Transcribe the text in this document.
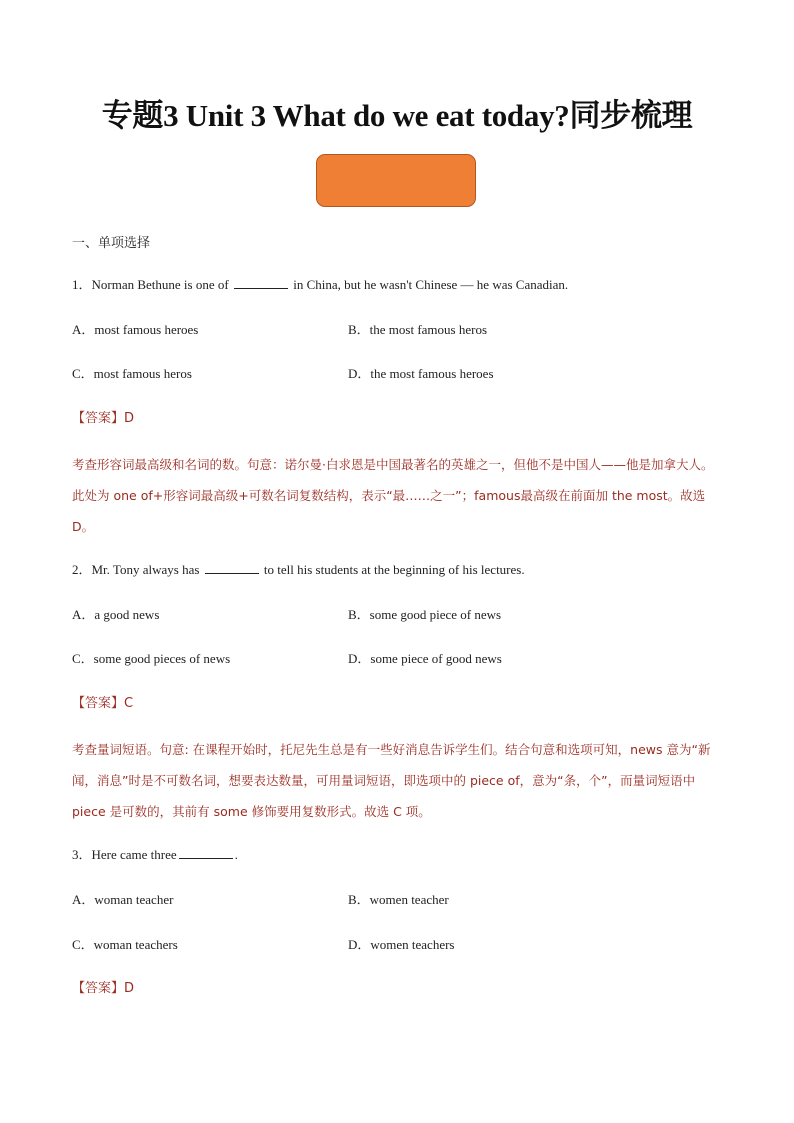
专题3 Unit 3 What do we eat today?同步梳理
一、单项选择
1．Norman Bethune is one of	in China, but he wasn't Chinese — he was Canadian.
A．most famous heroes	B．the most famous heros
C．most famous heros	D．the most famous heroes
【答案】D
考查形容词最高级和名词的数。句意：诺尔曼·白求恩是中国最著名的英雄之一，但他不是中国人——他是加拿大人。此处为 one of+形容词最高级+可数名词复数结构，表示“最……之一”；famous最高级在前面加 the most。故选 D。
2．Mr. Tony always has	to tell his students at the beginning of his lectures.
A．a good news	B．some good piece of news
C．some good pieces of news	D．some piece of good news
【答案】C
考查量词短语。句意: 在课程开始时，托尼先生总是有一些好消息告诉学生们。结合句意和选项可知，news 意为“新闻，消息”时是不可数名词，想要表达数量，可用量词短语，即选项中的 piece of，意为“条，个”，而量词短语中 piece 是可数的，其前有 some 修饰要用复数形式。故选 C 项。
3．Here came three	.
A．woman teacher	B．women teacher
C．woman teachers	D．women teachers
【答案】D
